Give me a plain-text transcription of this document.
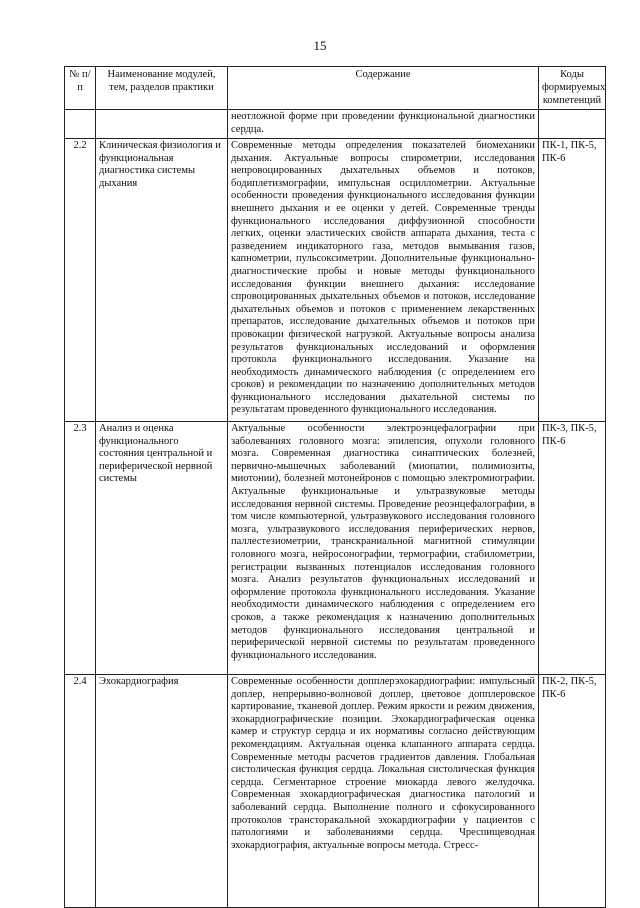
15
№ п/п	Наименование модулей, тем, разделов практики	Содержание	Коды формируемых компетенций
		неотложной форме при проведении функциональной диагностики сердца.	
2.2	Клиническая физиология и функциональная диагностика системы дыхания	Современные методы определения показателей биомеханики дыхания. Актуальные вопросы спирометрии, исследования непровоцированных дыхательных объемов и потоков, бодиплетизмографии, импульсная осциллометрии. Актуальные особенности проведения функционального исследования функции внешнего дыхания и ее оценки у детей. Современные тренды функционального исследования диффузионной способности легких, оценки эластических свойств аппарата дыхания, теста с разведением индикаторного газа, методов вымывания газов, капнометрии, пульсоксиметрии. Дополнительные функционально-диагностические пробы и новые методы функционального исследования функции внешнего дыхания: исследование спровоцированных дыхательных объемов и потоков, исследование дыхательных объемов и потоков с применением лекарственных препаратов, исследование дыхательных объемов и потоков при провокации физической нагрузкой. Актуальные вопросы анализа результатов функциональных исследований и оформления протокола функционального исследования. Указание на необходимость динамического наблюдения (с определением его сроков) и рекомендации по назначению дополнительных методов функционального исследования дыхательной системы по результатам проведенного функционального исследования.	ПК-1, ПК-5, ПК-6
2.3	Анализ и оценка функционального состояния центральной и периферической нервной системы	Актуальные особенности электроэнцефалографии при заболеваниях головного мозга: эпилепсия, опухоли головного мозга. Современная диагностика синаптических болезней, первично-мышечных заболеваний (миопатии, полимиозиты, миотонии), болезней мотонейронов с помощью электромиографии. Актуальные функциональные и ультразвуковые методы исследования нервной системы. Проведение реоэнцефалографии, в том числе компьютерной, ультразвукового исследования головного мозга, ультразвукового исследования периферических нервов, паллестезиометрии, транскраниальной магнитной стимуляции головного мозга, нейросонографии, термографии, стабилометрии, регистрации вызванных потенциалов исследования головного мозга. Анализ результатов функциональных исследований и оформление протокола функционального исследования. Указание необходимости динамического наблюдения с определением его сроков, а также рекомендация к назначению дополнительных методов функционального исследования центральной и периферической нервной системы по результатам проведенного функционального исследования.	ПК-3, ПК-5, ПК-6
2.4	Эхокардиография	Современные особенности допплерэхокардиографии: импульсный доплер, непрерывно-волновой доплер, цветовое допплеровское картирование, тканевой доплер. Режим яркости и режим движения, эхокардиографические позиции. Эхокардиографическая оценка камер и структур сердца и их нормативы согласно действующим рекомендациям. Актуальная оценка клапанного аппарата сердца. Современные методы расчетов градиентов давления. Глобальная систолическая функция сердца. Локальная систолическая функция сердца. Сегментарное строение миокарда левого желудочка. Современная эхокардиографическая диагностика патологий и заболеваний сердца. Выполнение полного и сфокусированного протоколов трансторакальной эхокардиографии у пациентов с патологиями и заболеваниями сердца. Чреспищеводная эхокардиография, актуальные вопросы метода. Стресс-	ПК-2, ПК-5, ПК-6
